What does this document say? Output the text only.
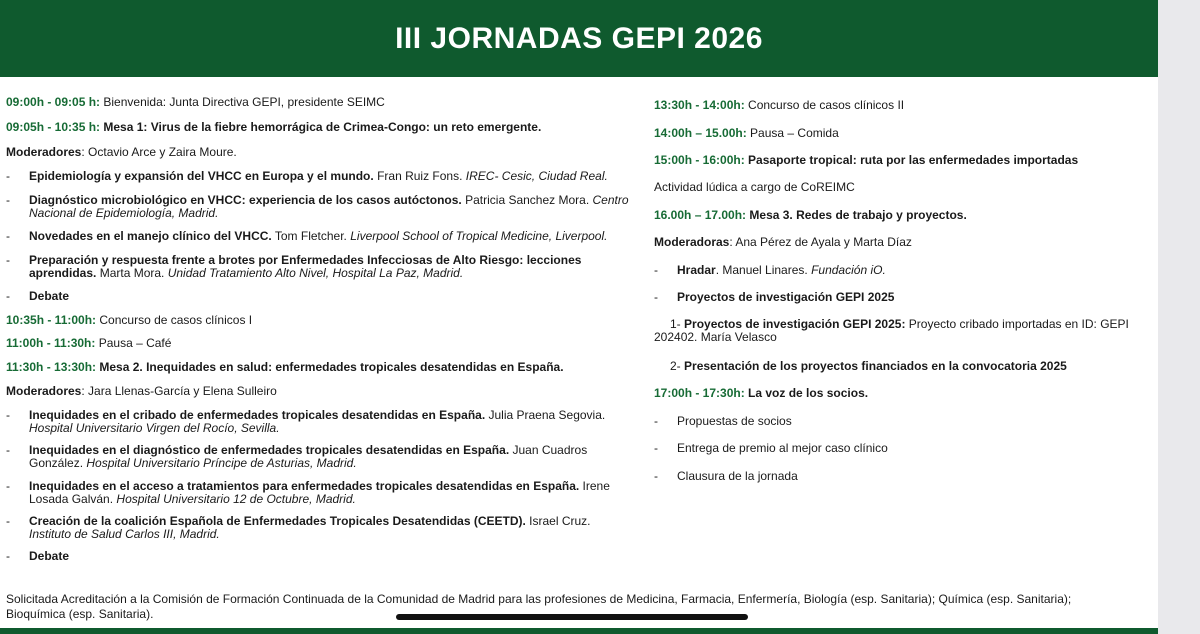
III JORNADAS GEPI 2026
09:00h - 09:05 h: Bienvenida: Junta Directiva GEPI, presidente SEIMC
09:05h - 10:35 h: Mesa 1: Virus de la fiebre hemorrágica de Crimea-Congo: un reto emergente.
Moderadores: Octavio Arce y Zaira Moure.
- Epidemiología y expansión del VHCC en Europa y el mundo. Fran Ruiz Fons. IREC- Cesic, Ciudad Real.
- Diagnóstico microbiológico en VHCC: experiencia de los casos autóctonos. Patricia Sanchez Mora. Centro Nacional de Epidemiología, Madrid.
- Novedades en el manejo clínico del VHCC. Tom Fletcher. Liverpool School of Tropical Medicine, Liverpool.
- Preparación y respuesta frente a brotes por Enfermedades Infecciosas de Alto Riesgo: lecciones
aprendidas. Marta Mora. Unidad Tratamiento Alto Nivel, Hospital La Paz, Madrid.
- Debate
10:35h - 11:00h: Concurso de casos clínicos I
11:00h - 11:30h: Pausa – Café
11:30h - 13:30h: Mesa 2. Inequidades en salud: enfermedades tropicales desatendidas en España.
Moderadores: Jara Llenas-García y Elena Sulleiro
- Inequidades en el cribado de enfermedades tropicales desatendidas en España. Julia Praena Segovia.
Hospital Universitario Virgen del Rocío, Sevilla.
- Inequidades en el diagnóstico de enfermedades tropicales desatendidas en España. Juan Cuadros
González. Hospital Universitario Príncipe de Asturias, Madrid.
- Inequidades en el acceso a tratamientos para enfermedades tropicales desatendidas en España. Irene
Losada Galván. Hospital Universitario 12 de Octubre, Madrid.
- Creación de la coalición Española de Enfermedades Tropicales Desatendidas (CEETD). Israel Cruz.
Instituto de Salud Carlos III, Madrid.
- Debate
13:30h - 14:00h: Concurso de casos clínicos II
14:00h – 15.00h: Pausa – Comida
15:00h - 16:00h: Pasaporte tropical: ruta por las enfermedades importadas
Actividad lúdica a cargo de CoREIMC
16.00h – 17.00h: Mesa 3. Redes de trabajo y proyectos.
Moderadoras: Ana Pérez de Ayala y Marta Díaz
- Hradar. Manuel Linares. Fundación iO.
- Proyectos de investigación GEPI 2025
1- Proyectos de investigación GEPI 2025: Proyecto cribado importadas en ID: GEPI
202402. María Velasco
2- Presentación de los proyectos financiados en la convocatoria 2025
17:00h - 17:30h: La voz de los socios.
- Propuestas de socios
- Entrega de premio al mejor caso clínico
- Clausura de la jornada
Solicitada Acreditación a la Comisión de Formación Continuada de la Comunidad de Madrid para las profesiones de Medicina, Farmacia, Enfermería, Biología (esp. Sanitaria); Química (esp. Sanitaria);
Bioquímica (esp. Sanitaria).
